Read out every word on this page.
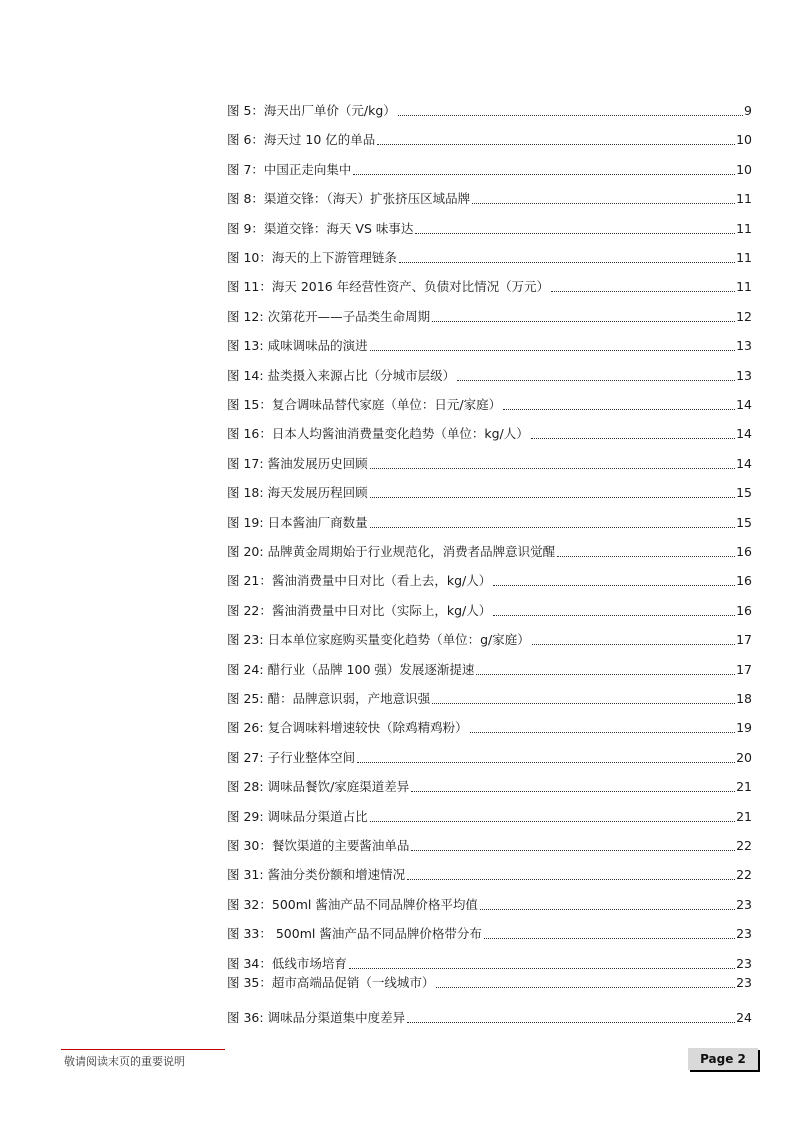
图 5：海天出厂单价（元/kg）	9
图 6：海天过 10 亿的单品	10
图 7：中国正走向集中	10
图 8：渠道交锋：（海天）扩张挤压区域品牌	11
图 9：渠道交锋：海天 VS 味事达	11
图 10：海天的上下游管理链条	11
图 11：海天 2016 年经营性资产、负债对比情况（万元）	11
图 12: 次第花开——子品类生命周期	12
图 13: 咸味调味品的演进	13
图 14: 盐类摄入来源占比（分城市层级）	13
图 15：复合调味品替代家庭（单位：日元/家庭）	14
图 16：日本人均酱油消费量变化趋势（单位：kg/人）	14
图 17: 酱油发展历史回顾	14
图 18: 海天发展历程回顾	15
图 19: 日本酱油厂商数量	15
图 20: 品牌黄金周期始于行业规范化，消费者品牌意识觉醒	16
图 21：酱油消费量中日对比（看上去，kg/人）	16
图 22：酱油消费量中日对比（实际上，kg/人）	16
图 23: 日本单位家庭购买量变化趋势（单位：g/家庭）	17
图 24: 醋行业（品牌 100 强）发展逐渐提速	17
图 25: 醋：品牌意识弱，产地意识强	18
图 26: 复合调味料增速较快（除鸡精鸡粉）	19
图 27: 子行业整体空间	20
图 28: 调味品餐饮/家庭渠道差异	21
图 29: 调味品分渠道占比	21
图 30：餐饮渠道的主要酱油单品	22
图 31: 酱油分类份额和增速情况	22
图 32：500ml 酱油产品不同品牌价格平均值	23
图 33： 500ml 酱油产品不同品牌价格带分布	23
图 34：低线市场培育	23
图 35：超市高端品促销（一线城市）	23
图 36: 调味品分渠道集中度差异	24
敬请阅读末页的重要说明	Page 2
